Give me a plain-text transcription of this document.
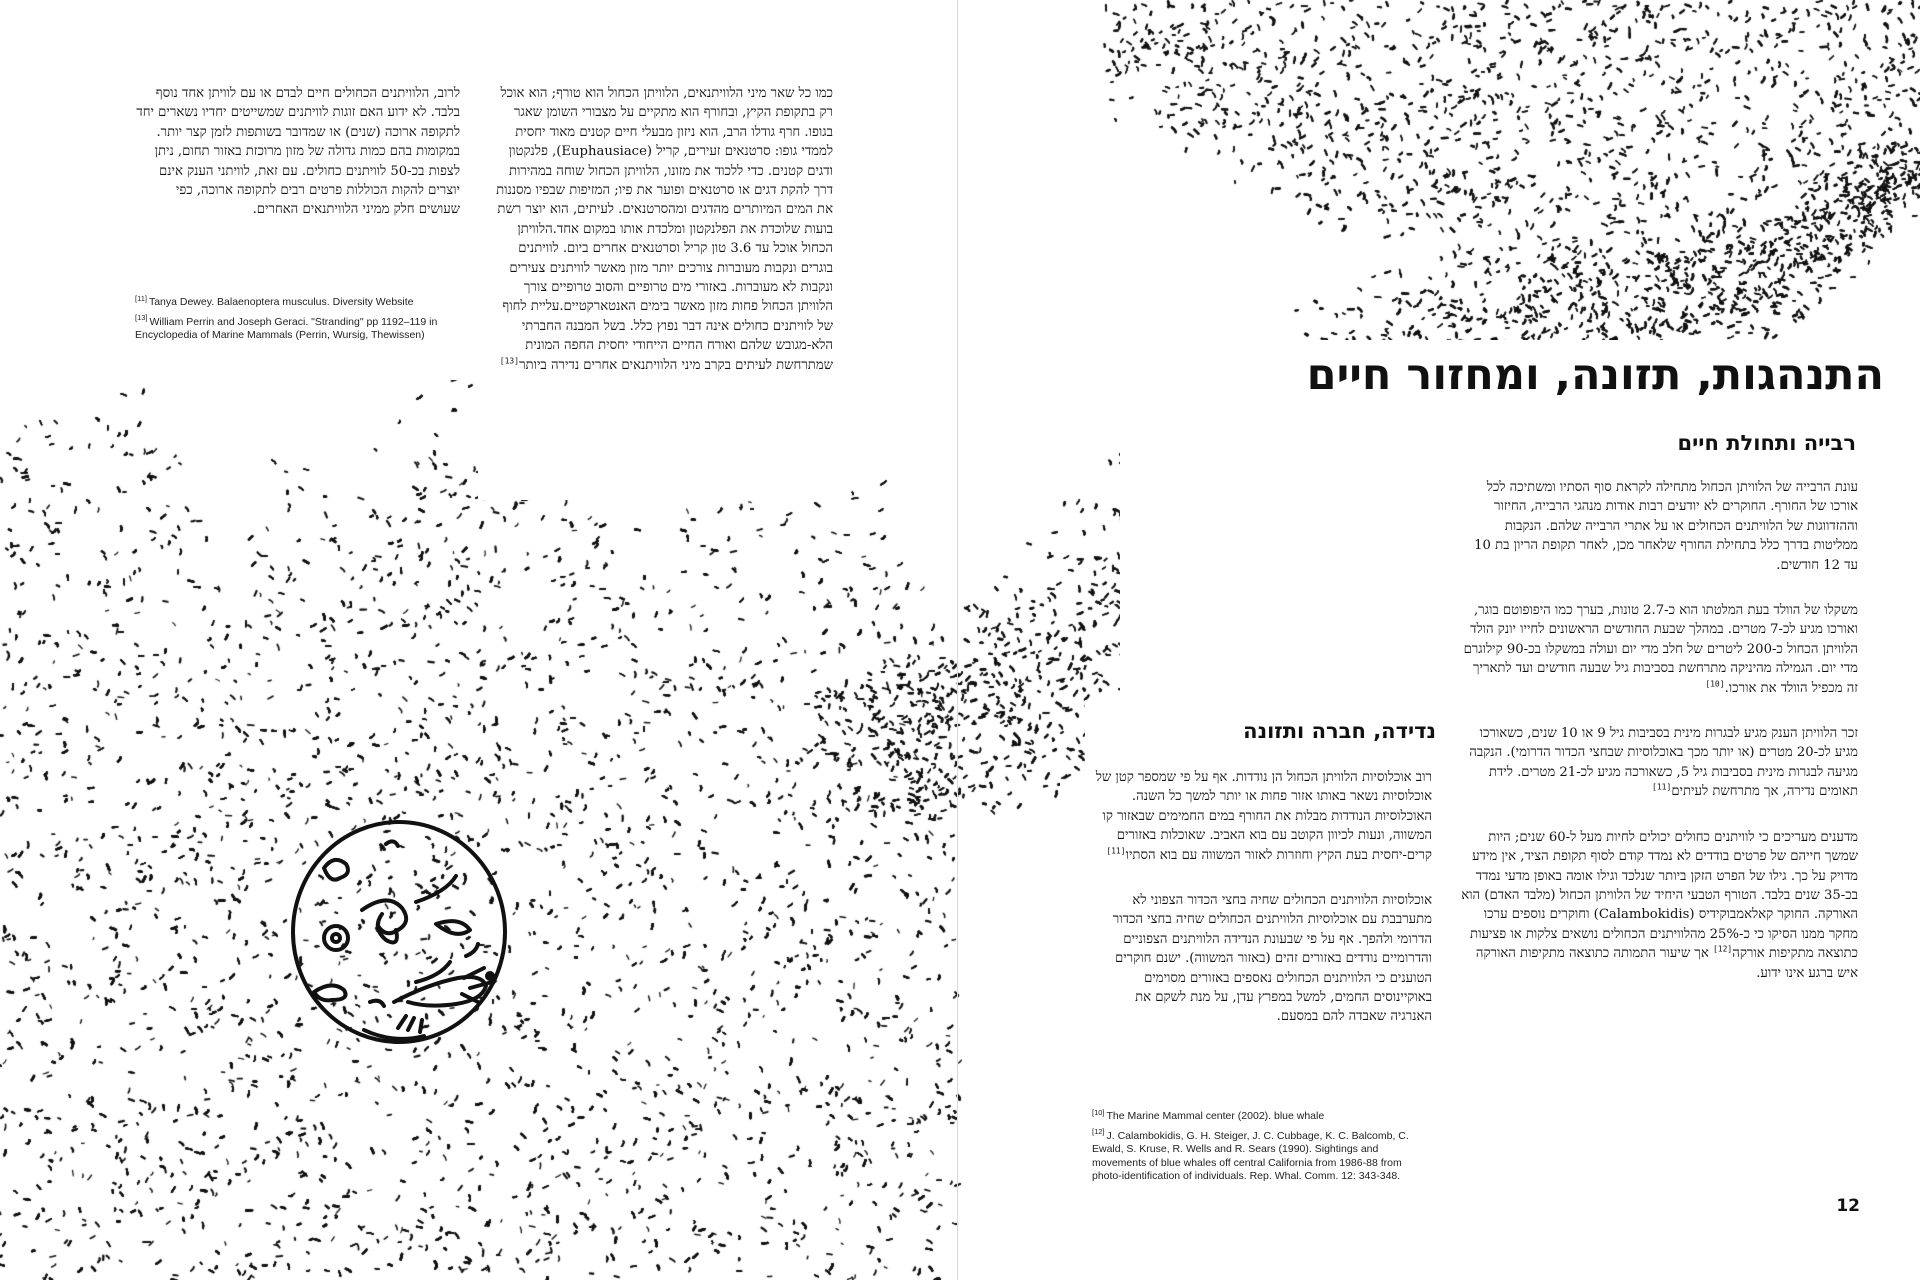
כמו כל שאר מיני הלוויתנאים, הלוויתן הכחול הוא טורף; הוא אוכל רק בתקופת הקיץ, ובחורף הוא מתקיים על מצבורי השומן שאגר בגופו. חרף גודלו הרב, הוא ניזון מבעלי חיים קטנים מאוד יחסית לממדי גופו: סרטנאים זעירים, קריל (Euphausiace), פלנקטון ודגים קטנים. כדי ללכוד את מזונו, הלוויתן הכחול שוחה במהירות דרך להקת דגים או סרטנאים ופוער את פיו; המזיפות שבפיו מסננות את המים המיותרים מהדגים ומהסרטנאים. לעיתים, הוא יוצר רשת בועות שלוכדת את הפלנקטון ומלכדת אותו במקום אחד.הלוויתן הכחול אוכל עד 3.6 טון קריל וסרטנאים אחרים ביום. לוויתנים בוגרים ונקבות מעוברות צורכים יותר מזון מאשר לוויתנים צעירים ונקבות לא מעוברות. באזורי מים טרופיים והסוב טרופיים צורך הלוויתן הכחול פחות מזון מאשר בימים האנטארקטיים.עליית לחוף של לוויתנים כחולים אינה דבר נפוץ כלל. בשל המבנה החברתי הלא-מגובש שלהם ואורח החיים הייחודי יחסית החפה המונית שמתרחשת לעיתים בקרב מיני הלוויתנאים אחרים נדירה ביותר[13]

לרוב, הלוויתנים הכחולים חיים לבדם או עם לוויתן אחד נוסף בלבד. לא ידוע האם זוגות לוויתנים שמשייטים יחדיו נשארים יחד לתקופה ארוכה (שנים) או שמדובר בשותפות לזמן קצר יותר. במקומות בהם כמות גדולה של מזון מרוכזת באזור תחום, ניתן לצפות בכ-50 לוויתנים כחולים. עם זאת, לוויתני הענק אינם יוצרים להקות הכוללות פרטים רבים לתקופה ארוכה, כפי שעושים חלק ממיני הלוויתנאים האחרים.

[11] Tanya Dewey. Balaenoptera musculus. Diversity Website
[13] William Perrin and Joseph Geraci. "Stranding" pp 1192–119 in Encyclopedia of Marine Mammals (Perrin, Wursig, Thewissen)
התנהגות, תזונה, ומחזור חיים
רבייה ותחולת חיים

עונת הרבייה של הלוויתן הכחול מתחילה לקראת סוף הסתיו ומשתיכה לכל אורכו של החורף. החוקרים לא יודעים רבות אודות מנהגי הרבייה, החיזור וההזדווגות של הלוויתנים הכחולים או על אתרי הרבייה שלהם. הנקבות ממליטות בדרך כלל בתחילת החורף שלאחר מכן, לאחר תקופת הריון בת 10 עד 12 חודשים.

משקלו של הוולד בעת המלטתו הוא כ-2.7 טונות, בערך כמו היפופוטם בוגר, ואורכו מגיע לכ-7 מטרים. במהלך שבעת החודשים הראשונים לחייו יונק הולד הלוויתן הכחול כ-200 ליטרים של חלב מדי יום ועולה במשקלו בכ-90 קילוגרם מדי יום. הגמילה מהיניקה מתרחשת בסביבות גיל שבעה חודשים ועד לתאריך זה מכפיל הוולד את אורכו.[10]

זכר הלוויתן הענק מגיע לבגרות מינית בסביבות גיל 9 או 10 שנים, כשאורכו מגיע לכ-20 מטרים (או יותר מכך באוכלוסיות שבחצי הכדור הדרומי). הנקבה מגיעה לבגרות מינית בסביבות גיל 5, כשאורכה מגיע לכ-21 מטרים. לידת תאומים נדירה, אך מתרחשת לעיתים[11]

מדענים מעריכים כי לוויתנים כחולים יכולים לחיות מעל ל-60 שנים; היות שמשך חייהם של פרטים בודדים לא נמדד קודם לסוף תקופת הציד, אין מידע מדויק על כך. גילו של הפרט הזקן ביותר שנלכד וגילו אומה באופן מדעי נמדד בכ-35 שנים בלבד. הטורף הטבעי היחיד של הלוויתן הכחול (מלבד האדם) הוא האורקה. החוקר קאלאמבוקידיס (Calambokidis) וחוקרים נוספים ערכו מחקר ממנו הסיקו כי כ-25% מהלוויתנים הכחולים נושאים צלקות או פציעות כתוצאה מתקיפות אורקה[12] אך שיעור התמותה כתוצאה מתקיפות האורקה איש ברגע אינו ידוע.

נדידה, חברה ותזונה

רוב אוכלוסיות הלוויתן הכחול הן נודדות. אף על פי שמספר קטן של אוכלוסיות נשאר באותו אזור פחות או יותר למשך כל השנה. האוכלוסיות הנודדות מבלות את החורף במים החמימים שבאזור קו המשווה, ונעות לכיוון הקוטב עם בוא האביב. שאוכלות באזורים קרים-יחסית בעת הקיץ וחוזרות לאזור המשווה עם בוא הסתיו[11]

אוכלוסיות הלוויתנים הכחולים שחיה בחצי הכדור הצפוני לא מתערבבת עם אוכלוסיות הלוויתנים הכחולים שחיה בחצי הכדור הדרומי ולהפך. אף על פי שבעונת הנדידה הלוויתנים הצפוניים והדרומיים נודדים באזורים זהים (באזור המשווה). ישנם חוקרים הטוענים כי הלוויתנים הכחולים נאספים באזורים מסוימים באוקיינוסים החמים, למשל במפרץ עדן, על מנת לשקם את האנרגיה שאבדה להם במסעם.

[10] The Marine Mammal center (2002). blue whale
[12] J. Calambokidis, G. H. Steiger, J. C. Cubbage, K. C. Balcomb, C. Ewald, S. Kruse, R. Wells and R. Sears (1990). Sightings and movements of blue whales off central California from 1986-88 from photo-identification of individuals. Rep. Whal. Comm. 12: 343-348.
12
